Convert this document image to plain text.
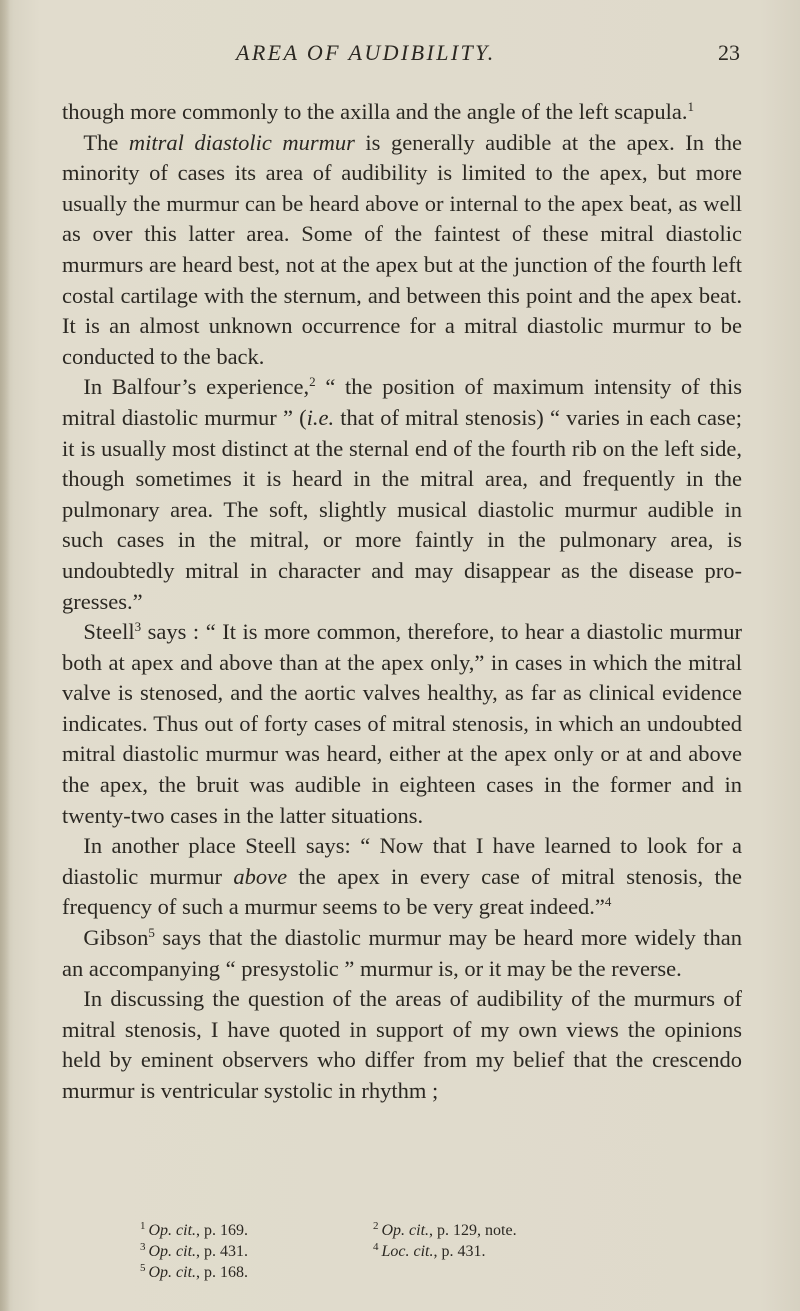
AREA OF AUDIBILITY.	23

though more commonly to the axilla and the angle of the left scapula.$^1$

The mitral diastolic murmur is generally audible at the apex. In the minority of cases its area of audibility is limited to the apex, but more usually the murmur can be heard above or internal to the apex beat, as well as over this latter area. Some of the faintest of these mitral diastolic murmurs are heard best, not at the apex but at the junction of the fourth left costal cartilage with the sternum, and between this point and the apex beat. It is an almost unknown occurrence for a mitral diastolic murmur to be conducted to the back.

In Balfour’s experience,$^2$ “ the position of maximum intensity of this mitral diastolic murmur ” (i.e. that of mitral stenosis) “ varies in each case; it is usually most distinct at the sternal end of the fourth rib on the left side, though sometimes it is heard in the mitral area, and frequently in the pulmonary area. The soft, slightly musical diastolic murmur audible in such cases in the mitral, or more faintly in the pulmonary area, is undoubtedly mitral in character and may disappear as the disease pro-gresses.”

Steell$^3$ says : “ It is more common, therefore, to hear a diastolic murmur both at apex and above than at the apex only,” in cases in which the mitral valve is stenosed, and the aortic valves healthy, as far as clinical evidence indicates. Thus out of forty cases of mitral stenosis, in which an undoubted mitral diastolic murmur was heard, either at the apex only or at and above the apex, the bruit was audible in eighteen cases in the former and in twenty-two cases in the latter situations.

In another place Steell says: “ Now that I have learned to look for a diastolic murmur above the apex in every case of mitral stenosis, the frequency of such a murmur seems to be very great indeed.”$^4$

Gibson$^5$ says that the diastolic murmur may be heard more widely than an accompanying “ presystolic ” murmur is, or it may be the reverse.

In discussing the question of the areas of audibility of the murmurs of mitral stenosis, I have quoted in support of my own views the opinions held by eminent observers who differ from my belief that the crescendo murmur is ventricular systolic in rhythm ;

$^1$ Op. cit., p. 169.	$^2$ Op. cit., p. 129, note.
$^3$ Op. cit., p. 431.	$^4$ Loc. cit., p. 431.
$^5$ Op. cit., p. 168.
